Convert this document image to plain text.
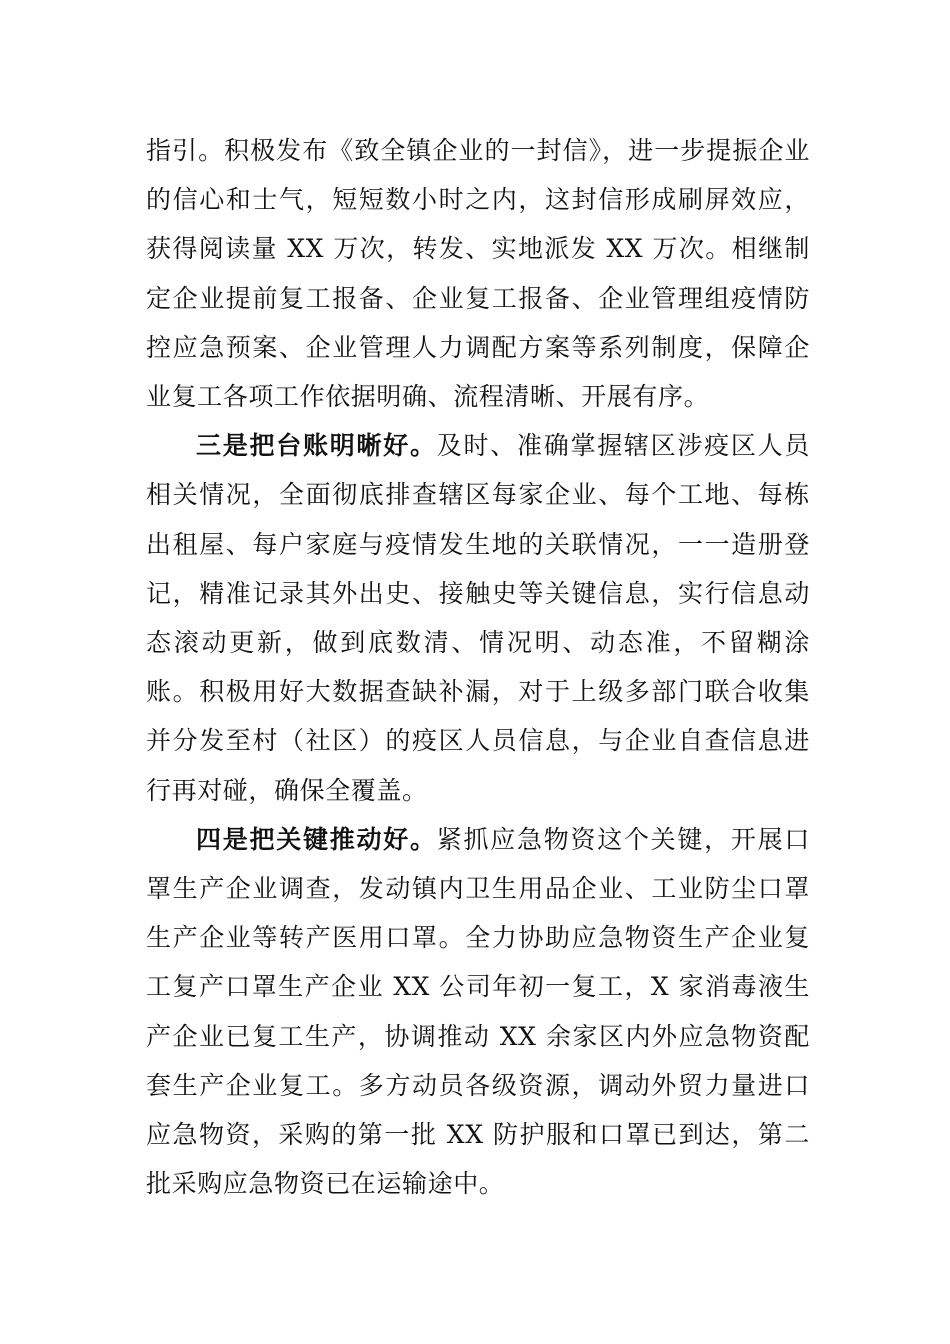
指引。积极发布《致全镇企业的一封信》，进一步提振企业的信心和士气，短短数小时之内，这封信形成刷屏效应，获得阅读量 XX 万次，转发、实地派发 XX 万次。相继制定企业提前复工报备、企业复工报备、企业管理组疫情防控应急预案、企业管理人力调配方案等系列制度，保障企业复工各项工作依据明确、流程清晰、开展有序。

三是把台账明晰好。及时、准确掌握辖区涉疫区人员相关情况，全面彻底排查辖区每家企业、每个工地、每栋出租屋、每户家庭与疫情发生地的关联情况，一一造册登记，精准记录其外出史、接触史等关键信息，实行信息动态滚动更新，做到底数清、情况明、动态准，不留糊涂账。积极用好大数据查缺补漏，对于上级多部门联合收集并分发至村（社区）的疫区人员信息，与企业自查信息进行再对碰，确保全覆盖。

四是把关键推动好。紧抓应急物资这个关键，开展口罩生产企业调查，发动镇内卫生用品企业、工业防尘口罩生产企业等转产医用口罩。全力协助应急物资生产企业复工复产口罩生产企业 XX 公司年初一复工，X 家消毒液生产企业已复工生产，协调推动 XX 余家区内外应急物资配套生产企业复工。多方动员各级资源，调动外贸力量进口应急物资，采购的第一批 XX 防护服和口罩已到达，第二批采购应急物资已在运输途中。
